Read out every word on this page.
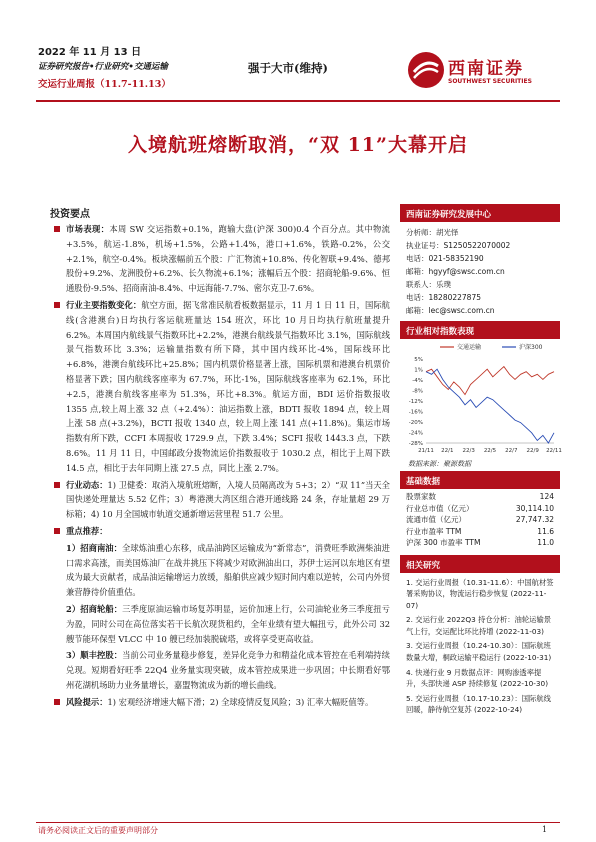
2022 年 11 月 13 日
证券研究报告•行业研究•交通运输
交运行业周报（11.7-11.13）
强于大市(维持)	西南证券
SOUTHWEST SECURITIES
入境航班熔断取消，“双 11”大幕开启
投资要点

市场表现：本周 SW 交运指数+0.1%，跑输大盘(沪深 300)0.4 个百分点。其中物流+3.5%，航运-1.8%，机场+1.5%，公路+1.4%，港口+1.6%，铁路-0.2%，公交+2.1%，航空-0.4%。板块涨幅前五个股：广汇物流+10.8%、传化智联+9.4%、德邦股份+9.2%、龙洲股份+6.2%、长久物流+6.1%；涨幅后五个股：招商轮船-9.6%、恒通股份-9.5%、招商南油-8.4%、中远海能-7.7%、密尔克卫-7.6%。

行业主要指数变化：航空方面，据飞常准民航看板数据显示，11 月 1 日 11 日，国际航线(含港澳台)日均执行客运航班量达 154 班次，环比 10 月日均执行航班量提升 6.2%。本周国内航线景气指数环比+2.2%，港澳台航线景气指数环比 3.1%，国际航线景气指数环比 3.3%；运输量指数有所下降，其中国内线环比-4%，国际线环比+6.8%，港澳台航线环比+25.8%；国内机票价格显著上涨，国际机票和港澳台机票价格显著下跌；国内航线客座率为 67.7%，环比-1%，国际航线客座率为 62.1%，环比+2.5，港澳台航线客座率为 51.3%，环比+8.3%。航运方面，BDI 运价指数报收 1355 点,较上周上涨 32 点（+2.4%）：油运指数上涨，BDTI 报收 1894 点，较上周上涨 58 点(+3.2%)，BCTI 报收 1340 点，较上周上涨 141 点(+11.8%)。集运市场指数有所下跌，CCFI 本周报收 1729.9 点，下跌 3.4%；SCFI 报收 1443.3 点，下跌 8.6%。11 月 11 日，中国邮政分拨物流运价指数报收于 1030.2 点，相比于上周下跌 14.5 点，相比于去年同期上涨 27.5 点，同比上涨 2.7%。

行业动态：1) 卫健委：取消入境航班熔断，入境人员隔离改为 5+3；2）“双 11”当天全国快递处理量达 5.52 亿件；3）粤港澳大湾区组合港开通线路 24 条，存址量超 29 万标箱；4) 10 月全国城市轨道交通新增运营里程 51.7 公里。

重点推荐：

1）招商南油：全球炼油重心东移，成品油跨区运输成为“新常态”，消费旺季欧洲柴油进口需求高涨，而美国炼油厂在战井挑压下将减少对欧洲油出口，苏伊士运河以东地区有望成为最大贡献者，成品油运输增运力放缓，船舶供应减少短时间内难以逆转，公司内外贸兼营静待价值重估。

2）招商轮船：三季度原油运输市场复苏明显，运价加速上行，公司油轮业务三季度扭亏为盈，同时公司在高位落实若干长航次现货租约，全年业绩有望大幅扭亏，此外公司 32 艘节能环保型 VLCC 中 10 艘已经加装脱硫塔，或将享受更高收益。

3）顺丰控股：当前公司业务量稳步修复，差异化竞争力和精益化成本管控在毛利端持续兑现。短期看好旺季 22Q4 业务量实现突破，成本管控成果进一步巩固；中长期看好鄂州花湖机场助力业务量增长，嘉盟物流成为新的增长曲线。

风险提示：1) 宏观经济增速大幅下滑；2) 全球疫情反复风险；3) 汇率大幅贬值等。

西南证券研究发展中心
分析师：胡光怿
执业证号：S1250522070002
电话：021-58352190
邮箱：hgyyf@swsc.com.cn
联系人：乐璞
电话：18280227875
邮箱：lec@swsc.com.cn
行业相对指数表现
5%
1%
-4%
-8%
-12%
-16%
-20%
-24%
-28%
21/11 22/1 22/3 22/5 22/7 22/9 22/11
交通运输	沪深300
数据来源：聚源数据
基础数据
股票家数	124
行业总市值（亿元）	30,114.10
流通市值（亿元）	27,747.32
行业市盈率 TTM	11.6
沪深 300 市盈率 TTM	11.0
相关研究
1. 交运行业周报（10.31-11.6）：中国航材签署采购协议，物流运行稳步恢复 (2022-11-07)
2. 交运行业 2022Q3 持仓分析：油轮运输景气上行，交运配比环比持增 (2022-11-03)
3. 交运行业周报（10.24-10.30）：国际航班数量大增，桐政运输平稳运行 (2022-10-31)
4. 快递行业 9 月数据点评：网购渗透率提升，头部快递 ASP 持续修复 (2022-10-30)
5. 交运行业周报（10.17-10.23）：国际航线回暖，静待航空复苏 (2022-10-24)
请务必阅读正文后的重要声明部分	1
